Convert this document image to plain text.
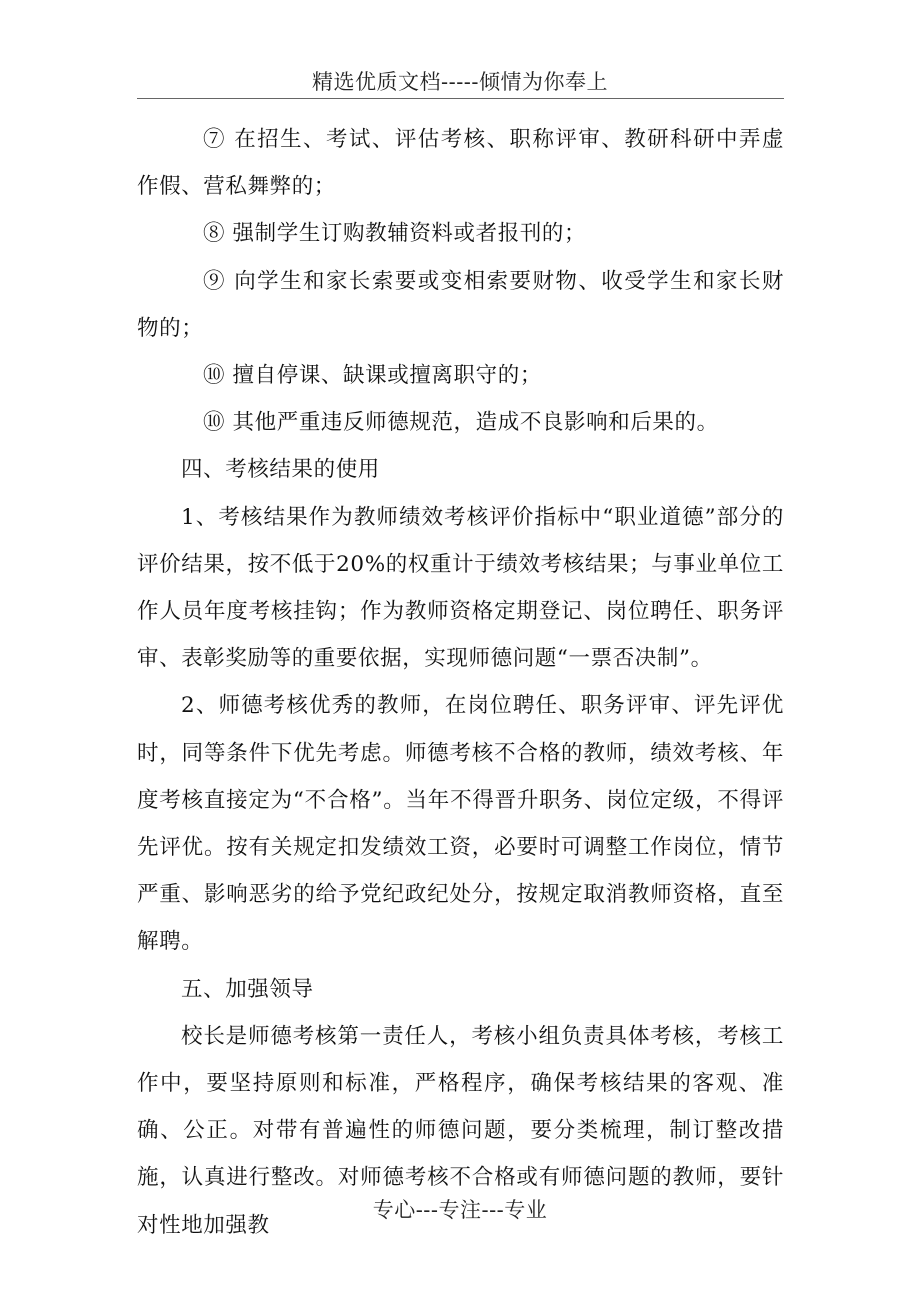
精选优质文档-----倾情为你奉上

⑦ 在招生、考试、评估考核、职称评审、教研科研中弄虚作假、营私舞弊的；

⑧ 强制学生订购教辅资料或者报刊的；

⑨ 向学生和家长索要或变相索要财物、收受学生和家长财物的；

⑩ 擅自停课、缺课或擅离职守的；

⑩ 其他严重违反师德规范，造成不良影响和后果的。

四、考核结果的使用

1、考核结果作为教师绩效考核评价指标中“职业道德”部分的评价结果，按不低于20%的权重计于绩效考核结果；与事业单位工作人员年度考核挂钩；作为教师资格定期登记、岗位聘任、职务评审、表彰奖励等的重要依据，实现师德问题“一票否决制”。

2、师德考核优秀的教师，在岗位聘任、职务评审、评先评优时，同等条件下优先考虑。师德考核不合格的教师，绩效考核、年度考核直接定为“不合格”。当年不得晋升职务、岗位定级，不得评先评优。按有关规定扣发绩效工资，必要时可调整工作岗位，情节严重、影响恶劣的给予党纪政纪处分，按规定取消教师资格，直至解聘。

五、加强领导

校长是师德考核第一责任人，考核小组负责具体考核，考核工作中，要坚持原则和标准，严格程序，确保考核结果的客观、准确、公正。对带有普遍性的师德问题，要分类梳理，制订整改措施，认真进行整改。对师德考核不合格或有师德问题的教师，要针对性地加强教

专心---专注---专业
